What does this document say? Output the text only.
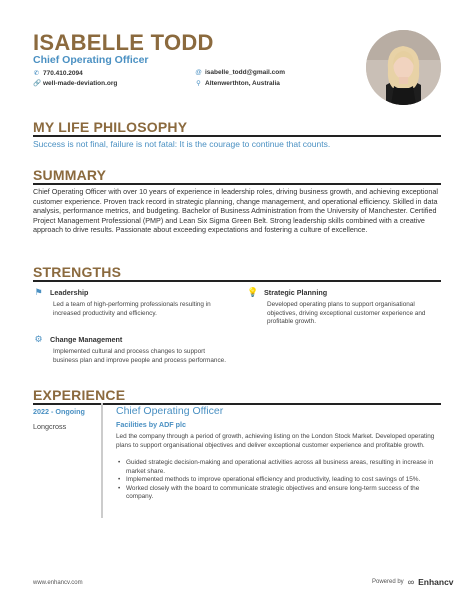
ISABELLE TODD
Chief Operating Officer
✆ 770.410.2094
🔗 well-made-deviation.org
@ isabelle_todd@gmail.com
⚲ Altenwerthton, Australia
MY LIFE PHILOSOPHY
Success is not final, failure is not fatal: It is the courage to continue that counts.
SUMMARY
Chief Operating Officer with over 10 years of experience in leadership roles, driving business growth, and achieving exceptional customer experience. Proven track record in strategic planning, change management, and operational efficiency. Skilled in data analysis, performance metrics, and budgeting. Bachelor of Business Administration from the University of Manchester. Certified Project Management Professional (PMP) and Lean Six Sigma Green Belt. Strong leadership skills combined with a creative approach to drive results. Passionate about exceeding expectations and fostering a culture of excellence.
STRENGTHS
⚑ Leadership
Led a team of high-performing professionals resulting in increased productivity and efficiency.
💡 Strategic Planning
Developed operating plans to support organisational objectives, driving exceptional customer experience and profitable growth.
⚙ Change Management
Implemented cultural and process changes to support business plan and improve people and process performance.
EXPERIENCE
2022 - Ongoing
Longcross
Chief Operating Officer
Facilities by ADF plc
Led the company through a period of growth, achieving listing on the London Stock Market. Developed operating plans to support organisational objectives and deliver exceptional customer experience and profitable growth.
• Guided strategic decision-making and operational activities across all business areas, resulting in increase in market share.
• Implemented methods to improve operational efficiency and productivity, leading to cost savings of 15%.
• Worked closely with the board to communicate strategic objectives and ensure long-term success of the company.
www.enhancv.com	Powered by ∞ Enhancv
